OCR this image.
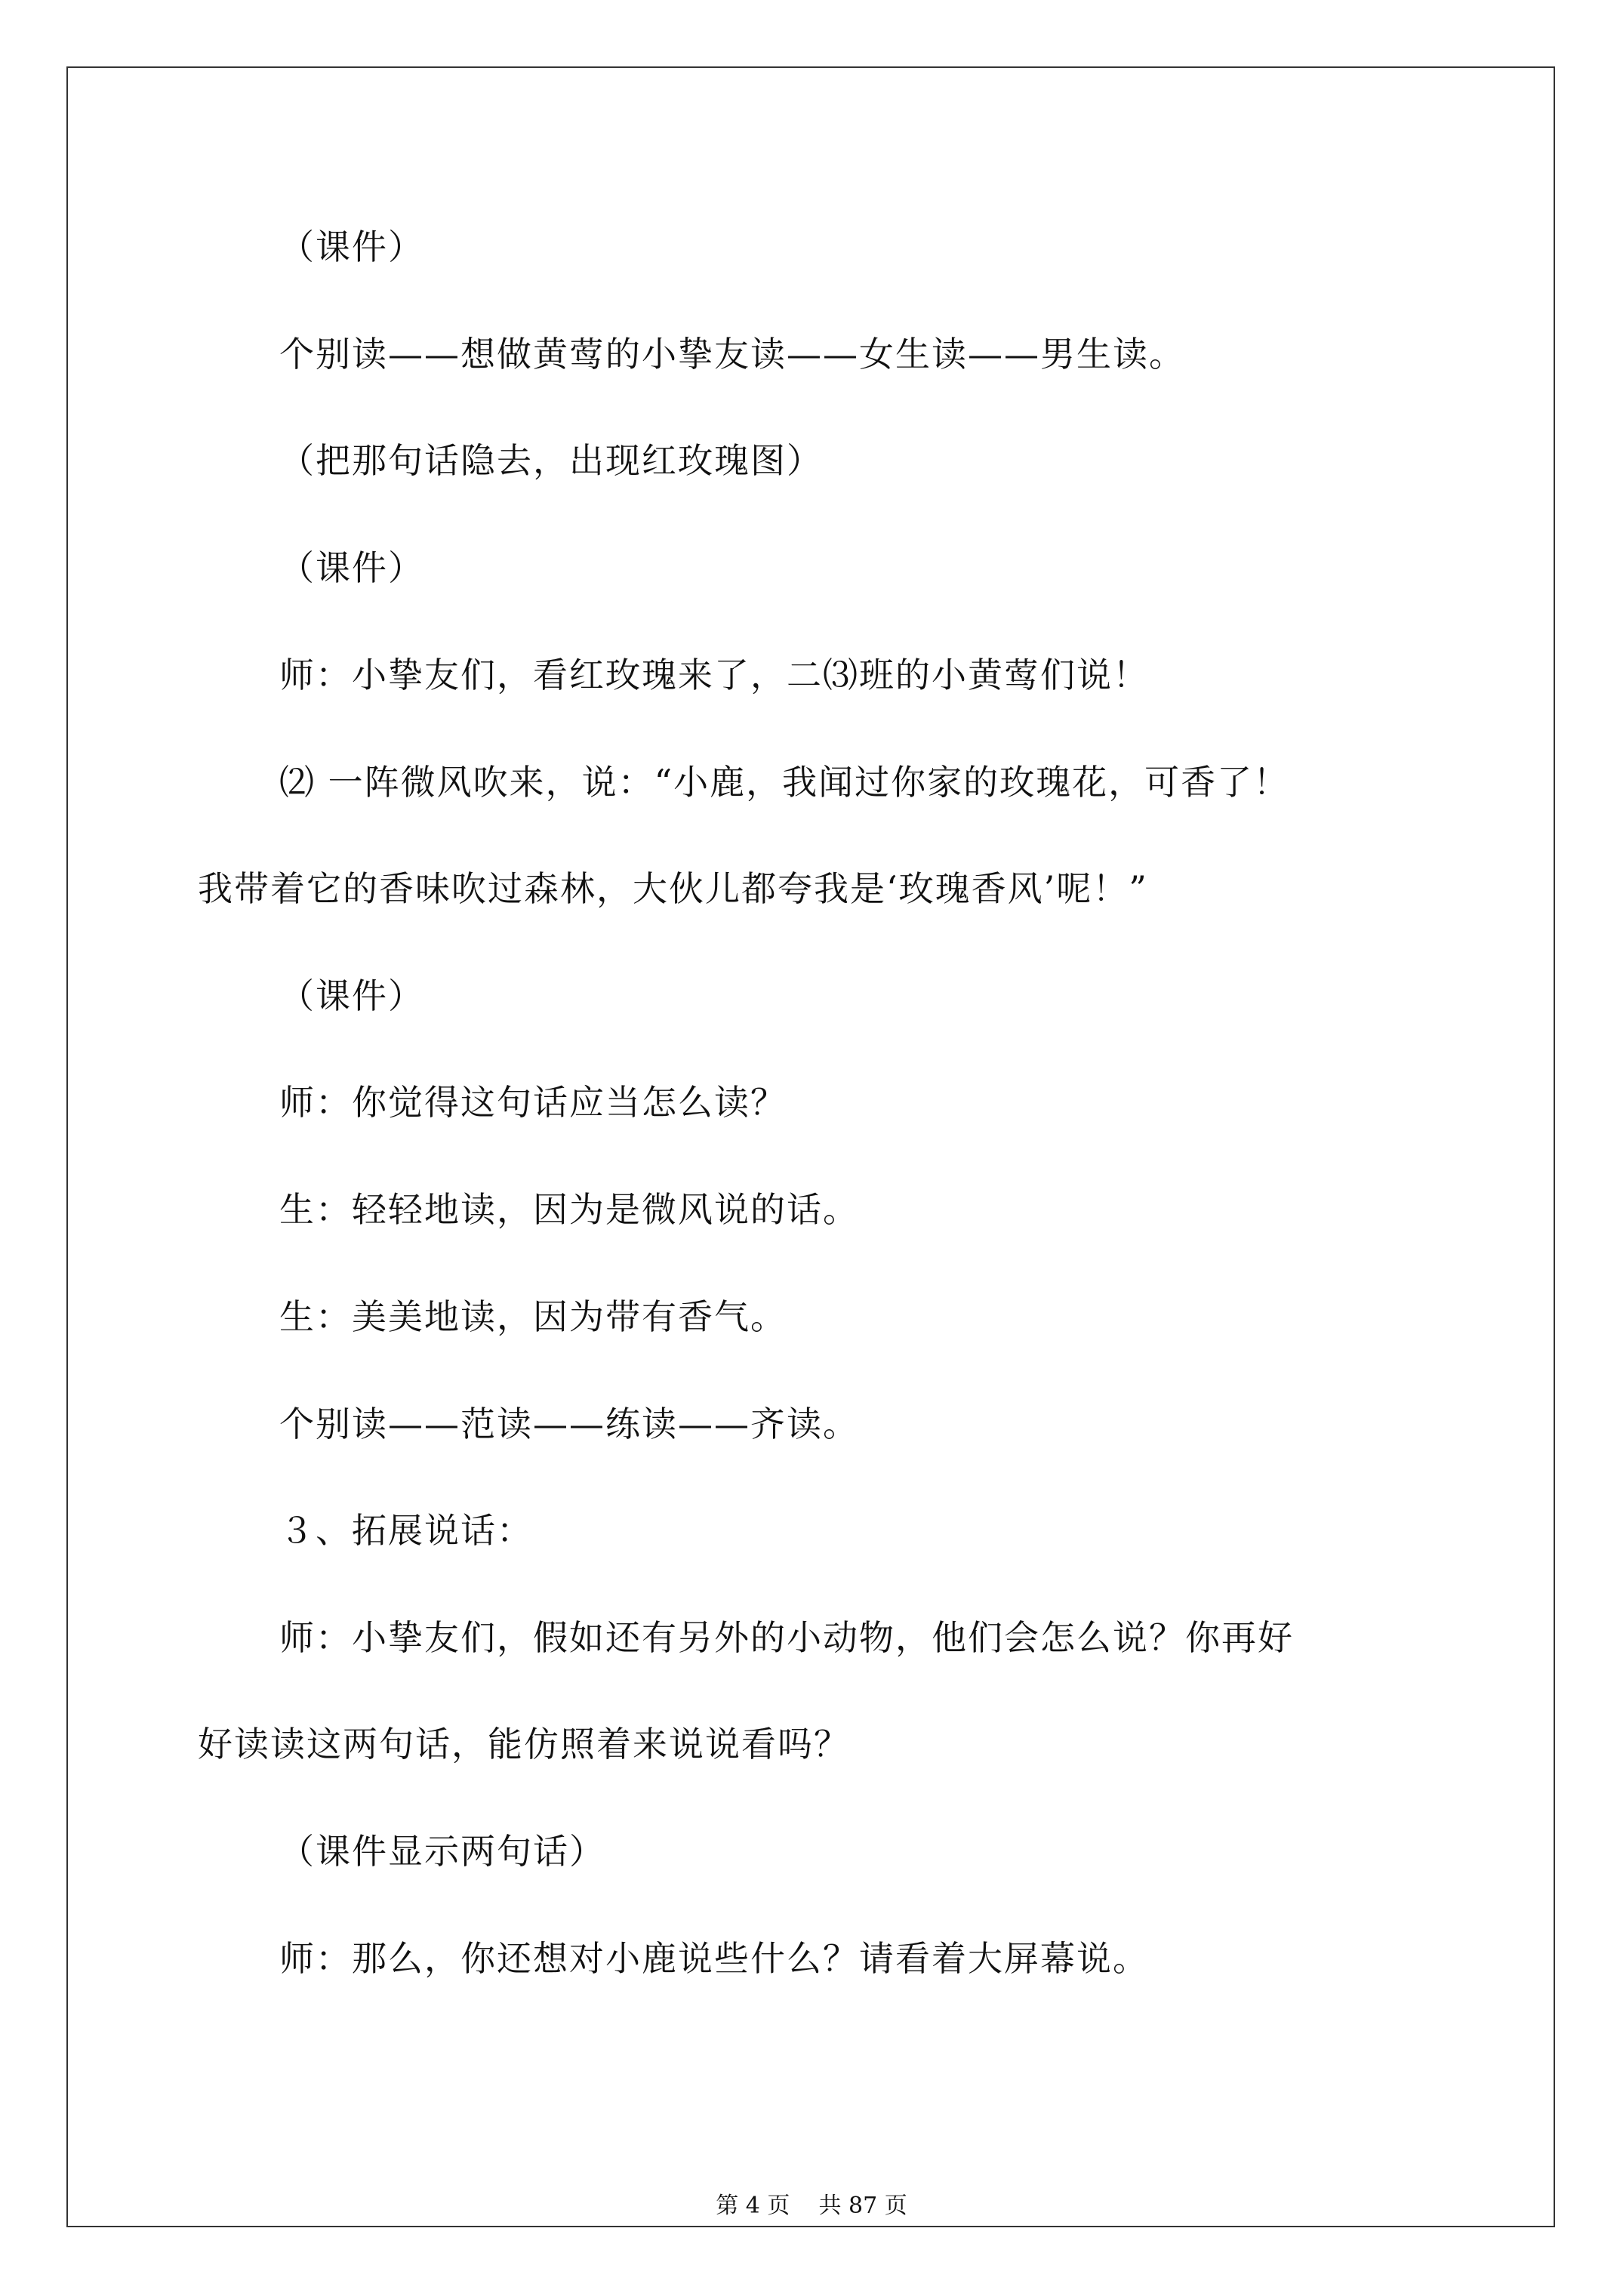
（课件）
个别读——想做黄莺的小挚友读——女生读——男生读。
（把那句话隐去，出现红玫瑰图）
（课件）
师：小挚友们，看红玫瑰来了，二⑶班的小黄莺们说！
⑵ 一阵微风吹来，说：“小鹿，我闻过你家的玫瑰花，可香了！
我带着它的香味吹过森林，大伙儿都夸我是‘玫瑰香风’呢！”
（课件）
师：你觉得这句话应当怎么读？
生：轻轻地读，因为是微风说的话。
生：美美地读，因为带有香气。
个别读——范读——练读——齐读。
３、拓展说话：
师：小挚友们，假如还有另外的小动物，他们会怎么说？你再好
好读读这两句话，能仿照着来说说看吗？
（课件显示两句话）
师：那么，你还想对小鹿说些什么？请看着大屏幕说。
第 4 页    共 87 页
